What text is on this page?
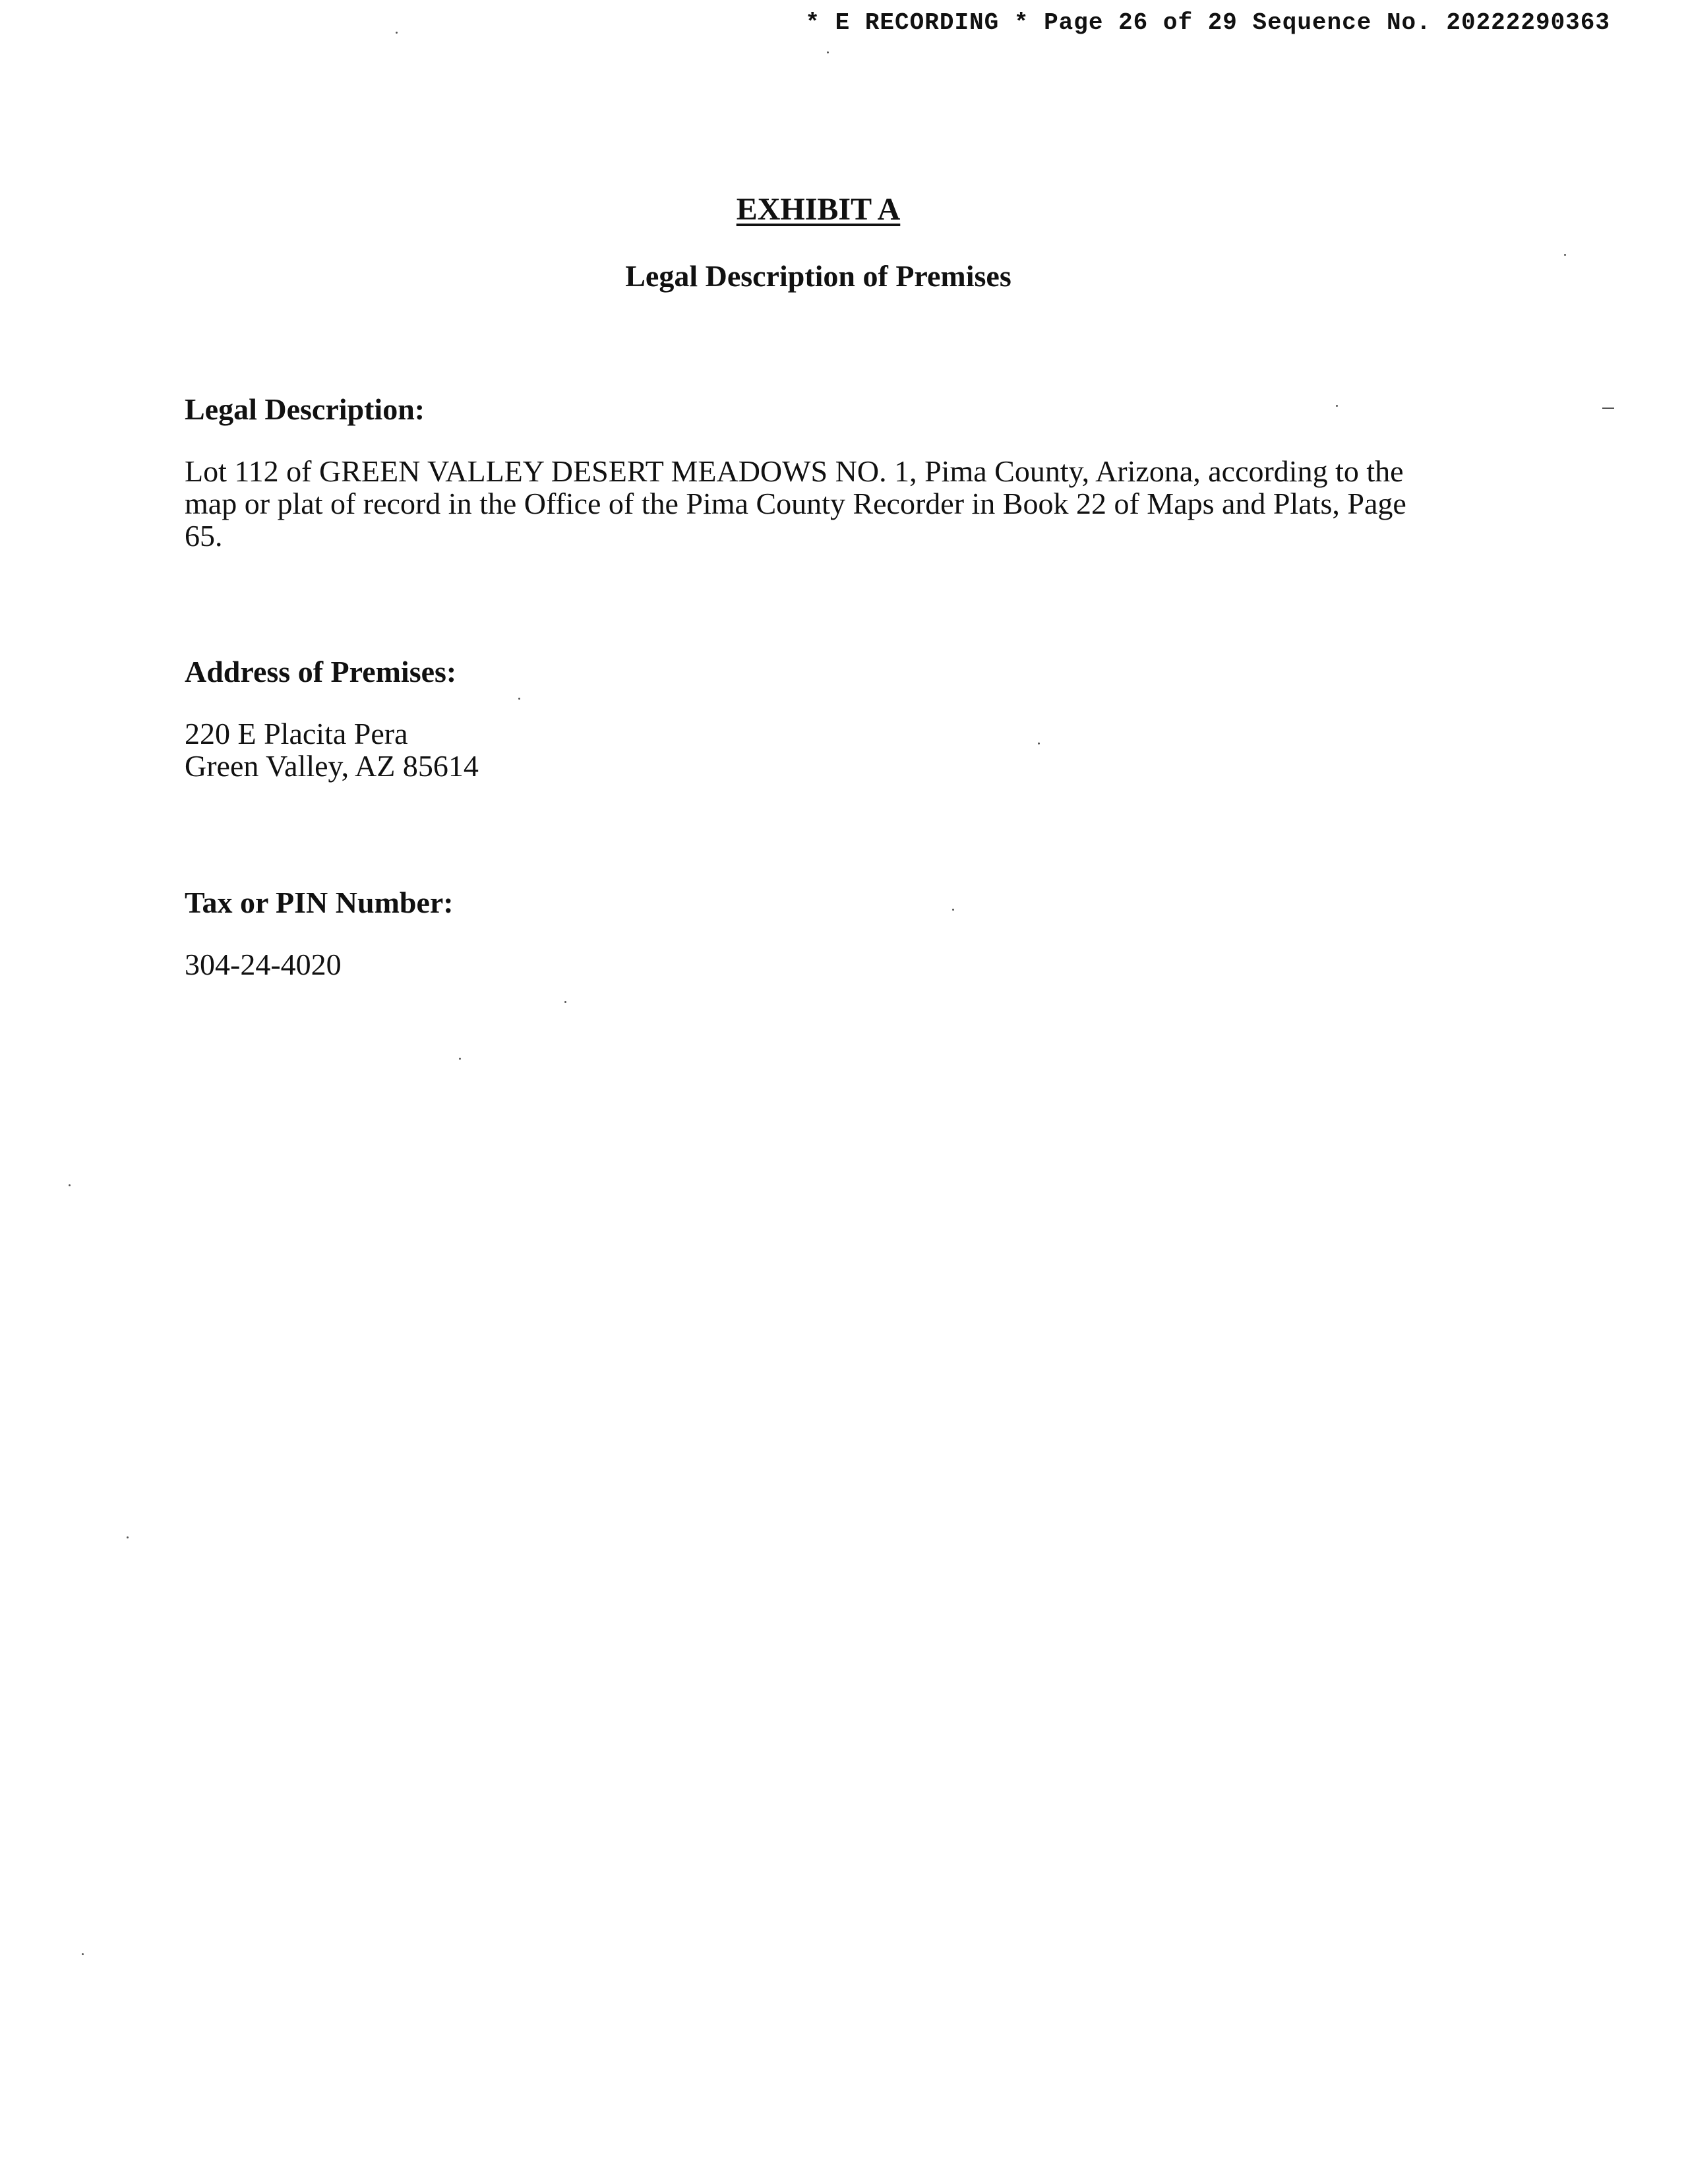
* E RECORDING * Page 26 of 29 Sequence No. 20222290363
EXHIBIT A
Legal Description of Premises

Legal Description:

Lot 112 of GREEN VALLEY DESERT MEADOWS NO. 1, Pima County, Arizona, according to the map or plat of record in the Office of the Pima County Recorder in Book 22 of Maps and Plats, Page 65.

Address of Premises:

220 E Placita Pera
Green Valley, AZ 85614

Tax or PIN Number:

304-24-4020
